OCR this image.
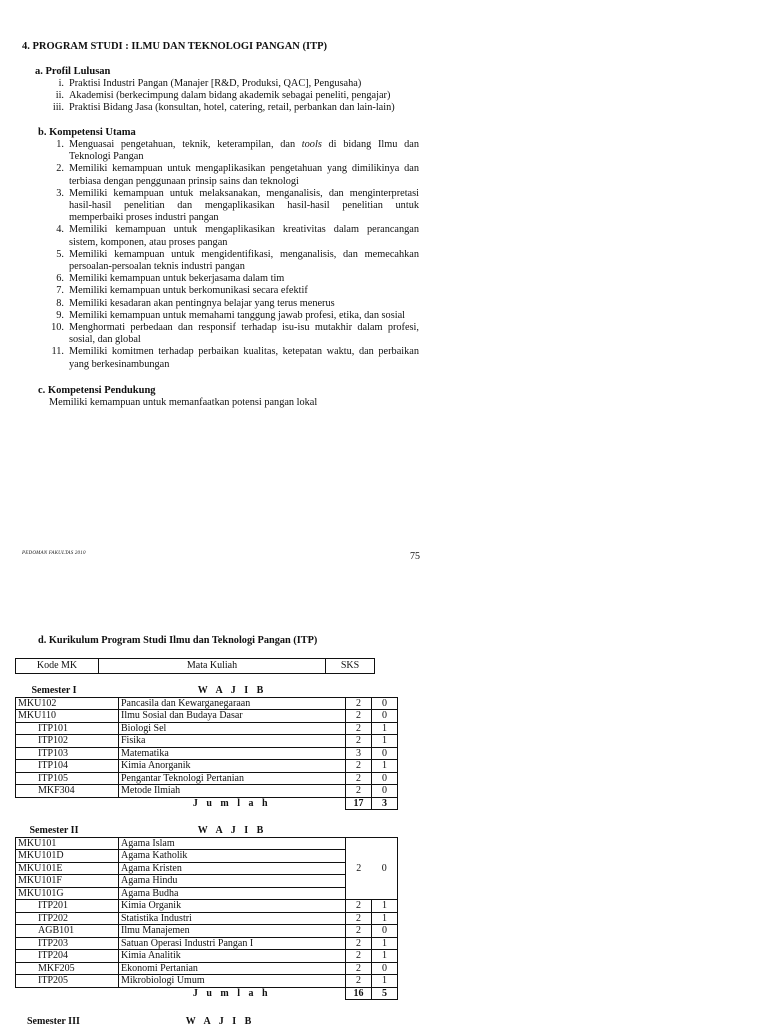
4. PROGRAM STUDI : ILMU DAN TEKNOLOGI PANGAN (ITP)
a. Profil Lulusan
i. Praktisi Industri Pangan (Manajer [R&D, Produksi, QAC], Pengusaha)
ii. Akademisi (berkecimpung dalam bidang akademik sebagai peneliti, pengajar)
iii. Praktisi Bidang Jasa (konsultan, hotel, catering, retail, perbankan dan lain-lain)
b. Kompetensi Utama
1. Menguasai pengetahuan, teknik, keterampilan, dan tools di bidang Ilmu dan
Teknologi Pangan
2. Memiliki kemampuan untuk mengaplikasikan pengetahuan yang dimilikinya dan
terbiasa dengan penggunaan prinsip sains dan teknologi
3. Memiliki kemampuan untuk melaksanakan, menganalisis, dan menginterpretasi
hasil-hasil penelitian dan mengaplikasikan hasil-hasil penelitian untuk
memperbaiki proses industri pangan
4. Memiliki kemampuan untuk mengaplikasikan kreativitas dalam perancangan
sistem, komponen, atau proses pangan
5. Memiliki kemampuan untuk mengidentifikasi, menganalisis, dan memecahkan
persoalan-persoalan teknis industri pangan
6. Memiliki kemampuan untuk bekerjasama dalam tim
7. Memiliki kemampuan untuk berkomunikasi secara efektif
8. Memiliki kesadaran akan pentingnya belajar yang terus menerus
9. Memiliki kemampuan untuk memahami tanggung jawab profesi, etika, dan sosial
10. Menghormati perbedaan dan responsif terhadap isu-isu mutakhir dalam profesi,
sosial, dan global
11. Memiliki komitmen terhadap perbaikan kualitas, ketepatan waktu, dan perbaikan
yang berkesinambungan
c. Kompetensi Pendukung
Memiliki kemampuan untuk memanfaatkan potensi pangan lokal
PEDOMAN FAKULTAS 2010	75
d. Kurikulum Program Studi Ilmu dan Teknologi Pangan (ITP)
Kode MK	Mata Kuliah	SKS
Semester I	W A J I B		
MKU102	Pancasila dan Kewarganegaraan	2	0
MKU110	Ilmu Sosial dan Budaya Dasar	2	0
ITP101	Biologi Sel	2	1
ITP102	Fisika	2	1
ITP103	Matematika	3	0
ITP104	Kimia Anorganik	2	1
ITP105	Pengantar Teknologi Pertanian	2	0
MKF304	Metode Ilmiah	2	0
	J u m l a h	17	3
Semester II	W A J I B		
MKU101	Agama Islam	2	0
MKU101D	Agama Katholik		
MKU101E	Agama Kristen		
MKU101F	Agama Hindu		
MKU101G	Agama Budha		
ITP201	Kimia Organik	2	1
ITP202	Statistika Industri	2	1
AGB101	Ilmu Manajemen	2	0
ITP203	Satuan Operasi Industri Pangan I	2	1
ITP204	Kimia Analitik	2	1
MKF205	Ekonomi Pertanian	2	0
ITP205	Mikrobiologi Umum	2	1
	J u m l a h	16	5
Semester III	W A J I B
